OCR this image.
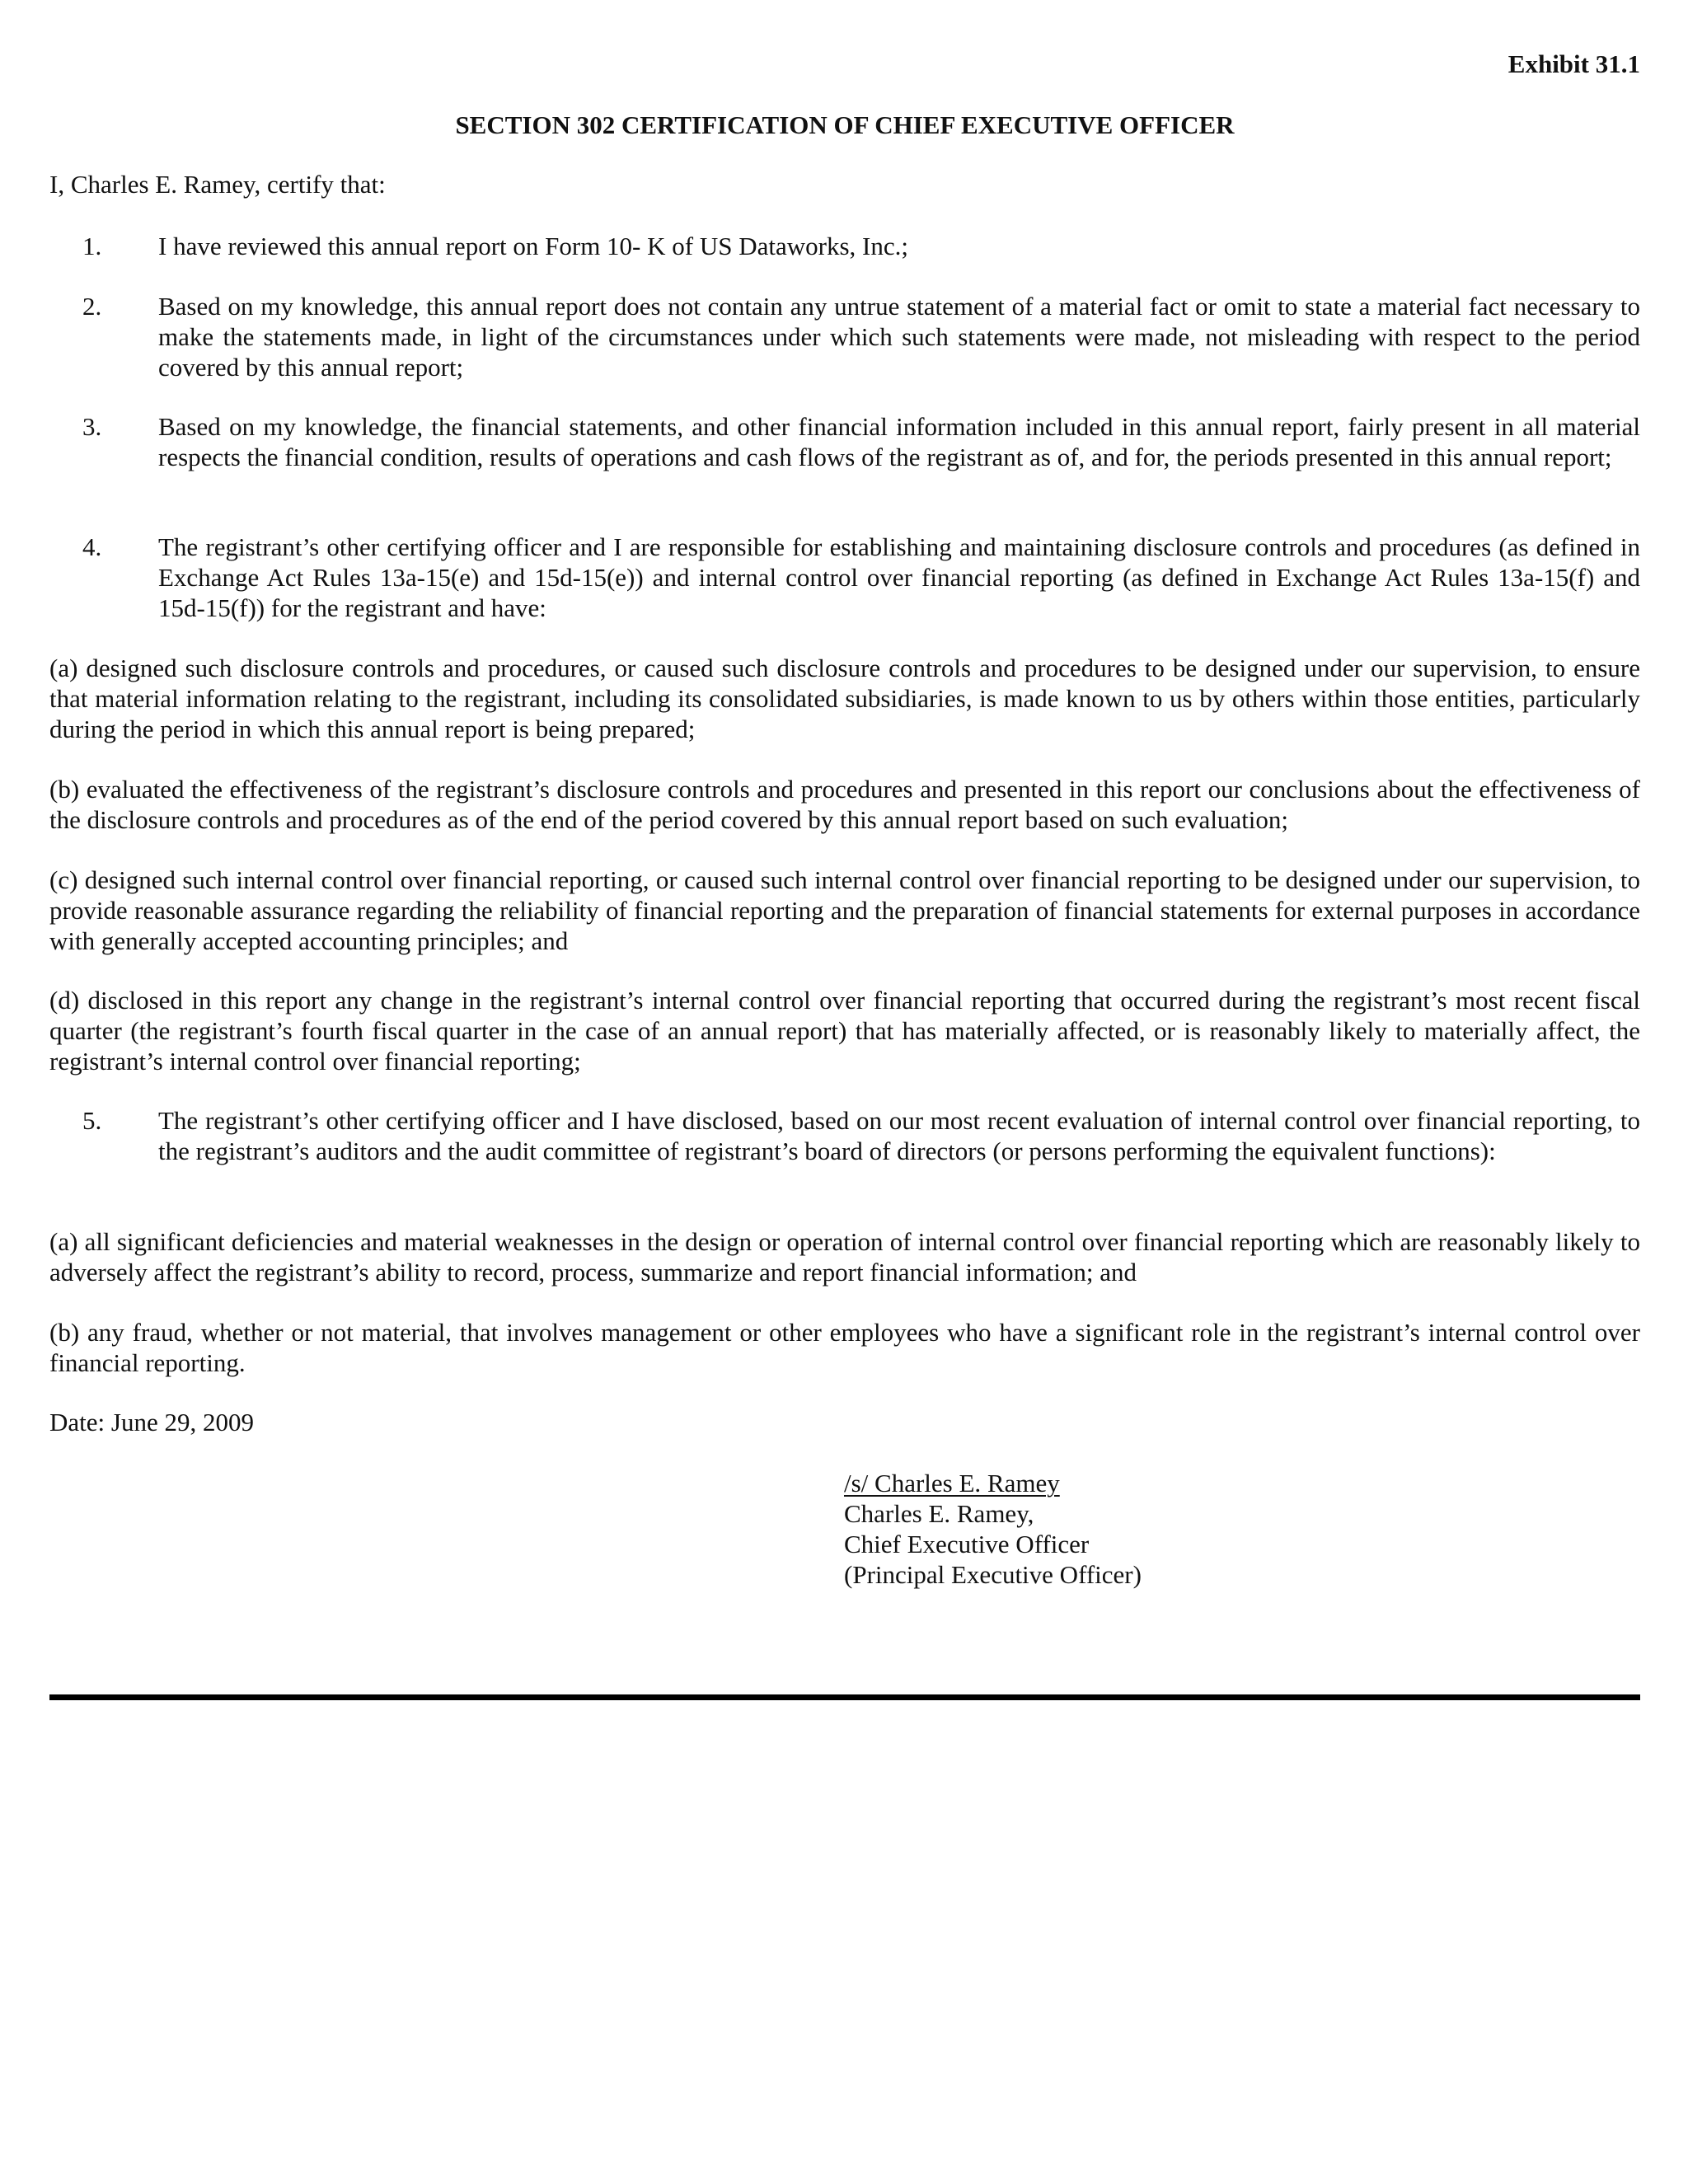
Exhibit 31.1
SECTION 302 CERTIFICATION OF CHIEF EXECUTIVE OFFICER
I, Charles E. Ramey, certify that:
1. I have reviewed this annual report on Form 10- K of US Dataworks, Inc.;
2. Based on my knowledge, this annual report does not contain any untrue statement of a material fact or omit to state a material fact necessary to make the statements made, in light of the circumstances under which such statements were made, not misleading with respect to the period covered by this annual report;
3. Based on my knowledge, the financial statements, and other financial information included in this annual report, fairly present in all material respects the financial condition, results of operations and cash flows of the registrant as of, and for, the periods presented in this annual report;
4. The registrant’s other certifying officer and I are responsible for establishing and maintaining disclosure controls and procedures (as defined in Exchange Act Rules 13a-15(e) and 15d-15(e)) and internal control over financial reporting (as defined in Exchange Act Rules 13a-15(f) and 15d-15(f)) for the registrant and have:
(a) designed such disclosure controls and procedures, or caused such disclosure controls and procedures to be designed under our supervision, to ensure that material information relating to the registrant, including its consolidated subsidiaries, is made known to us by others within those entities, particularly during the period in which this annual report is being prepared;
(b) evaluated the effectiveness of the registrant’s disclosure controls and procedures and presented in this report our conclusions about the effectiveness of the disclosure controls and procedures as of the end of the period covered by this annual report based on such evaluation;
(c) designed such internal control over financial reporting, or caused such internal control over financial reporting to be designed under our supervision, to provide reasonable assurance regarding the reliability of financial reporting and the preparation of financial statements for external purposes in accordance with generally accepted accounting principles; and
(d) disclosed in this report any change in the registrant’s internal control over financial reporting that occurred during the registrant’s most recent fiscal quarter (the registrant’s fourth fiscal quarter in the case of an annual report) that has materially affected, or is reasonably likely to materially affect, the registrant’s internal control over financial reporting;
5. The registrant’s other certifying officer and I have disclosed, based on our most recent evaluation of internal control over financial reporting, to the registrant’s auditors and the audit committee of registrant’s board of directors (or persons performing the equivalent functions):
(a) all significant deficiencies and material weaknesses in the design or operation of internal control over financial reporting which are reasonably likely to adversely affect the registrant’s ability to record, process, summarize and report financial information; and
(b) any fraud, whether or not material, that involves management or other employees who have a significant role in the registrant’s internal control over financial reporting.
Date: June 29, 2009
/s/ Charles E. Ramey
Charles E. Ramey,
Chief Executive Officer
(Principal Executive Officer)
